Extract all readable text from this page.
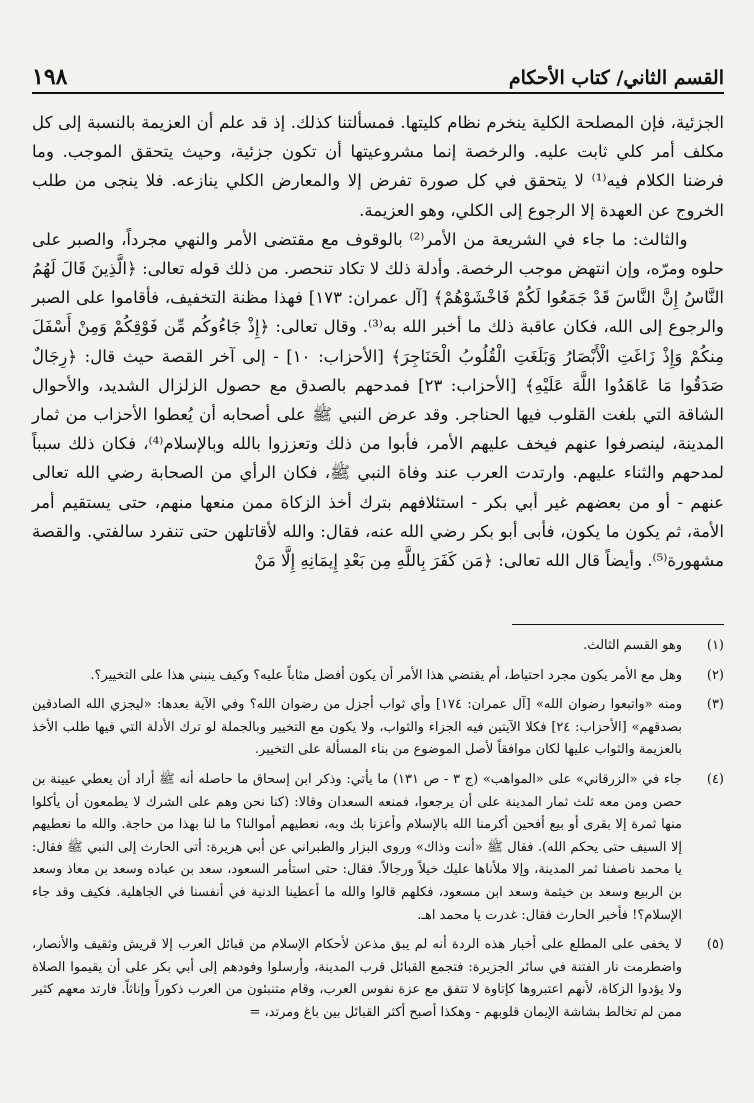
القسم الثاني/ كتاب الأحكام
١٩٨

الجزئية، فإن المصلحة الكلية ينخرم نظام كليتها. فمسألتنا كذلك. إذ قد علم أن العزيمة بالنسبة إلى كل مكلف أمر كلي ثابت عليه. والرخصة إنما مشروعيتها أن تكون جزئية، وحيث يتحقق الموجب. وما فرضنا الكلام فيه⁽¹⁾ لا يتحقق في كل صورة تفرض إلا والمعارض الكلي ينازعه. فلا ينجى من طلب الخروج عن العهدة إلا الرجوع إلى الكلي، وهو العزيمة.

والثالث: ما جاء في الشريعة من الأمر⁽²⁾ بالوقوف مع مقتضى الأمر والنهي مجرداً، والصبر على حلوه ومرّه، وإن انتهض موجب الرخصة. وأدلة ذلك لا تكاد تنحصر. من ذلك قوله تعالى: ﴿الَّذِينَ قَالَ لَهُمُ النَّاسُ إِنَّ النَّاسَ قَدْ جَمَعُوا لَكُمْ فَاخْشَوْهُمْ﴾ [آل عمران: ١٧٣] فهذا مظنة التخفيف، فأقاموا على الصبر والرجوع إلى الله، فكان عاقبة ذلك ما أخبر الله به⁽³⁾. وقال تعالى: ﴿إِذْ جَاءُوكُم مِّن فَوْقِكُمْ وَمِنْ أَسْفَلَ مِنكُمْ وَإِذْ زَاغَتِ الْأَبْصَارُ وَبَلَغَتِ الْقُلُوبُ الْحَنَاجِرَ﴾ [الأحزاب: ١٠] - إلى آخر القصة حيث قال: ﴿رِجَالٌ صَدَقُوا مَا عَاهَدُوا اللَّهَ عَلَيْهِ﴾ [الأحزاب: ٢٣] فمدحهم بالصدق مع حصول الزلزال الشديد، والأحوال الشاقة التي بلغت القلوب فيها الحناجر. وقد عرض النبي ﷺ على أصحابه أن يُعطوا الأحزاب من ثمار المدينة، لينصرفوا عنهم فيخف عليهم الأمر، فأبوا من ذلك وتعززوا بالله وبالإسلام⁽⁴⁾، فكان ذلك سبباً لمدحهم والثناء عليهم. وارتدت العرب عند وفاة النبي ﷺ، فكان الرأي من الصحابة رضي الله تعالى عنهم - أو من بعضهم غير أبي بكر - استئلافهم بترك أخذ الزكاة ممن منعها منهم، حتى يستقيم أمر الأمة، ثم يكون ما يكون، فأبى أبو بكر رضي الله عنه، فقال: والله لأقاتلهن حتى تنفرد سالفتي. والقصة مشهورة⁽⁵⁾. وأيضاً قال الله تعالى: ﴿مَن كَفَرَ بِاللَّهِ مِن بَعْدِ إِيمَانِهِ إِلَّا مَنْ

(١)
وهو القسم الثالث.
(٢)
وهل مع الأمر يكون مجرد احتياط، أم يقتضي هذا الأمر أن يكون أفضل مثاباً عليه؟ وكيف ينبني هذا على التخيير؟.
(٣)
ومنه «واتبعوا رضوان الله» [آل عمران: ١٧٤] وأي ثواب أجزل من رضوان الله؟ وفي الآية بعدها: «ليجزي الله الصادقين بصدقهم» [الأحزاب: ٢٤] فكلا الآيتين فيه الجزاء والثواب، ولا يكون مع التخيير وبالجملة لو ترك الأدلة التي فيها طلب الأخذ بالعزيمة والثواب عليها لكان موافقاً لأصل الموضوع من بناء المسألة على التخيير.
(٤)
جاء في «الزرقاني» على «المواهب» (ج ٣ - ص ١٣١) ما يأتي: وذكر ابن إسحاق ما حاصله أنه ﷺ أراد أن يعطي عيينة بن حصن ومن معه ثلث ثمار المدينة على أن يرجعوا، فمنعه السعدان وقالا: (كنا نحن وهم على الشرك لا يطمعون أن يأكلوا منها ثمرة إلا بقرى أو بيع أفحين أكرمنا الله بالإسلام وأعزنا بك وبه، نعطيهم أموالنا؟ ما لنا بهذا من حاجة. والله ما نعطيهم إلا السيف حتى يحكم الله). فقال ﷺ «أنت وذاك» وروى البزار والطبراني عن أبي هريرة: أتى الحارث إلى النبي ﷺ فقال: يا محمد ناصفنا ثمر المدينة، وإلا ملأناها عليك خيلاً ورجالاً. فقال: حتى استأمر السعود، سعد بن عباده وسعد بن معاذ وسعد بن الربيع وسعد بن خيثمة وسعد ابن مسعود، فكلهم قالوا والله ما أعطينا الدنية في أنفسنا في الجاهلية. فكيف وقد جاء الإسلام؟! فأخبر الحارث فقال: غدرت يا محمد اهـ.
(٥)
لا يخفى على المطلع على أخبار هذه الردة أنه لم يبق مذعن لأحكام الإسلام من قبائل العرب إلا قريش وثقيف والأنصار، واضطرمت نار الفتنة في سائر الجزيرة: فتجمع القبائل قرب المدينة، وأرسلوا وفودهم إلى أبي بكر على أن يقيموا الصلاة ولا يؤدوا الزكاة، لأنهم اعتبروها كإتاوة لا تتفق مع عزة نفوس العرب، وقام متنبئون من العرب ذكوراً وإناثاً. فارتد معهم كثير ممن لم تخالط بشاشة الإيمان قلوبهم - وهكذا أصبح أكثر القبائل بين باغ ومرتد، =
